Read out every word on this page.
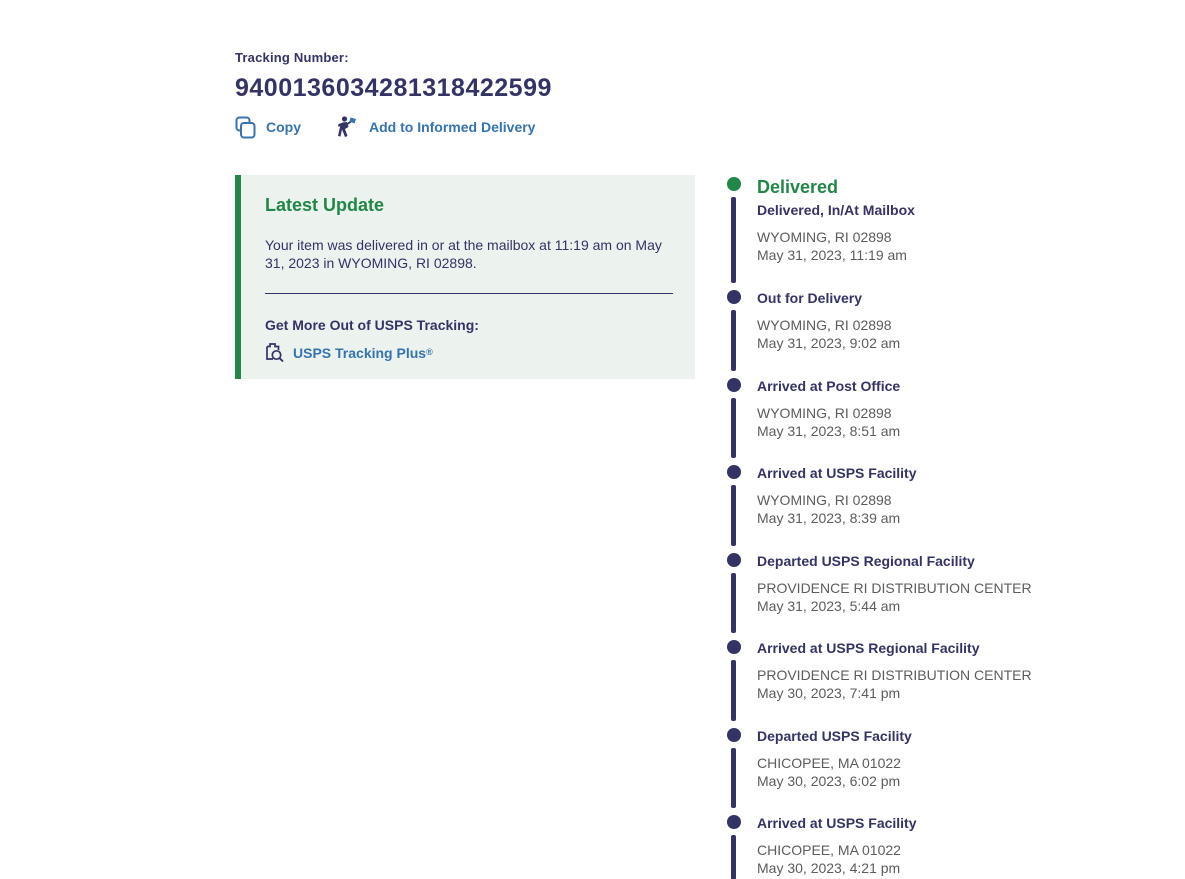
Tracking Number:
9400136034281318422599
Copy	Add to Informed Delivery
Latest Update
Your item was delivered in or at the mailbox at 11:19 am on May 31, 2023 in WYOMING, RI 02898.
Get More Out of USPS Tracking:
USPS Tracking Plus ®
Delivered
Delivered, In/At Mailbox
WYOMING, RI 02898
May 31, 2023, 11:19 am
Out for Delivery
WYOMING, RI 02898
May 31, 2023, 9:02 am
Arrived at Post Office
WYOMING, RI 02898
May 31, 2023, 8:51 am
Arrived at USPS Facility
WYOMING, RI 02898
May 31, 2023, 8:39 am
Departed USPS Regional Facility
PROVIDENCE RI DISTRIBUTION CENTER
May 31, 2023, 5:44 am
Arrived at USPS Regional Facility
PROVIDENCE RI DISTRIBUTION CENTER
May 30, 2023, 7:41 pm
Departed USPS Facility
CHICOPEE, MA 01022
May 30, 2023, 6:02 pm
Arrived at USPS Facility
CHICOPEE, MA 01022
May 30, 2023, 4:21 pm
